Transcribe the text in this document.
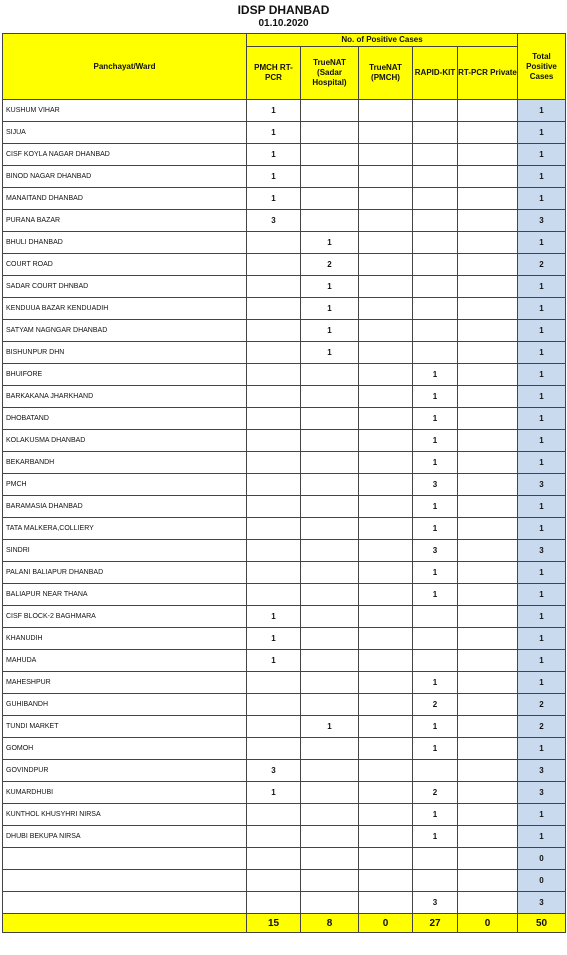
IDSP DHANBAD
01.10.2020
Panchayat/Ward	No. of Positive Cases					Total Positive Cases
	PMCH RT-PCR	TrueNAT (Sadar Hospital)	TrueNAT (PMCH)	RAPID-KIT	RT-PCR Private	
KUSHUM VIHAR	1					1
SIJUA	1					1
CISF KOYLA NAGAR DHANBAD	1					1
BINOD NAGAR DHANBAD	1					1
MANAITAND DHANBAD	1					1
PURANA BAZAR	3					3
BHULI DHANBAD		1				1
COURT ROAD		2				2
SADAR COURT DHNBAD		1				1
KENDUUA BAZAR KENDUADIH		1				1
SATYAM NAGNGAR DHANBAD		1				1
BISHUNPUR DHN		1				1
BHUIFORE				1		1
BARKAKANA JHARKHAND				1		1
DHOBATAND				1		1
KOLAKUSMA DHANBAD				1		1
BEKARBANDH				1		1
PMCH				3		3
BARAMASIA DHANBAD				1		1
TATA MALKERA,COLLIERY				1		1
SINDRI				3		3
PALANI BALIAPUR DHANBAD				1		1
BALIAPUR NEAR THANA				1		1
CISF BLOCK-2 BAGHMARA	1					1
KHANUDIH	1					1
MAHUDA	1					1
MAHESHPUR				1		1
GUHIBANDH				2		2
TUNDI MARKET		1		1		2
GOMOH				1		1
GOVINDPUR	3					3
KUMARDHUBI	1			2		3
KUNTHOL KHUSYHRI NIRSA				1		1
DHUBI BEKUPA NIRSA				1		1
						0
						0
				3		3
	15	8	0	27	0	50
